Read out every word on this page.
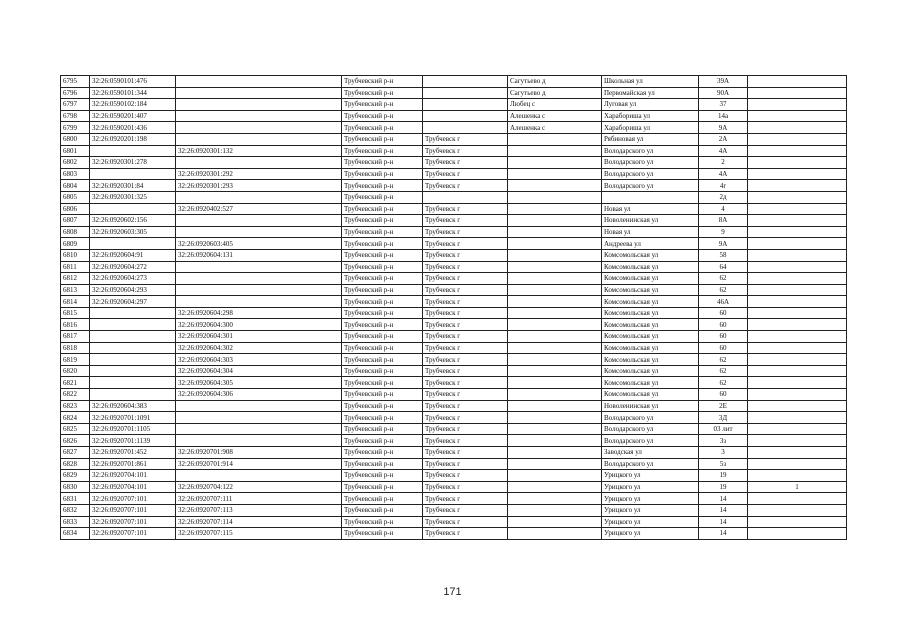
6795	32:26:0590101:476		Трубчевский р-н		Сагутьево д	Школьная ул	39А	
6796	32:26:0590101:344		Трубчевский р-н		Сагутьево д	Первомайская ул	90А	
6797	32:26:0590102:184		Трубчевский р-н		Любец с	Луговая ул	37	
6798	32:26:0590201:407		Трубчевский р-н		Алешенка с	Харабориша ул	14а	
6799	32:26:0590201:436		Трубчевский р-н		Алешенка с	Харабориша ул	9А	
6800	32:26:0920201:198		Трубчевский р-н	Трубчевск г		Рябиновая ул	2А	
6801		32:26:0920301:132	Трубчевский р-н	Трубчевск г		Володарского ул	4А	
6802	32:26:0920301:278		Трубчевский р-н	Трубчевск г		Володарского ул	2	
6803		32:26:0920301:292	Трубчевский р-н	Трубчевск г		Володарского ул	4А	
6804	32:26:0920301:84	32:26:0920301:293	Трубчевский р-н	Трубчевск г		Володарского ул	4г	
6805	32:26:0920301:325		Трубчевский р-н				2д	
6806		32:26:0920402:527	Трубчевский р-н	Трубчевск г		Новая ул	4	
6807	32:26:0920602:156		Трубчевский р-н	Трубчевск г		Новоленинская ул	8А	
6808	32:26:0920603:305		Трубчевский р-н	Трубчевск г		Новая ул	9	
6809		32:26:0920603:405	Трубчевский р-н	Трубчевск г		Андреева ул	9А	
6810	32:26:0920604:91	32:26:0920604:131	Трубчевский р-н	Трубчевск г		Комсомольская ул	58	
6811	32:26:0920604:272		Трубчевский р-н	Трубчевск г		Комсомольская ул	64	
6812	32:26:0920604:273		Трубчевский р-н	Трубчевск г		Комсомольская ул	62	
6813	32:26:0920604:293		Трубчевский р-н	Трубчевск г		Комсомольская ул	62	
6814	32:26:0920604:297		Трубчевский р-н	Трубчевск г		Комсомольская ул	46А	
6815		32:26:0920604:298	Трубчевский р-н	Трубчевск г		Комсомольская ул	60	
6816		32:26:0920604:300	Трубчевский р-н	Трубчевск г		Комсомольская ул	60	
6817		32:26:0920604:301	Трубчевский р-н	Трубчевск г		Комсомольская ул	60	
6818		32:26:0920604:302	Трубчевский р-н	Трубчевск г		Комсомольская ул	60	
6819		32:26:0920604:303	Трубчевский р-н	Трубчевск г		Комсомольская ул	62	
6820		32:26:0920604:304	Трубчевский р-н	Трубчевск г		Комсомольская ул	62	
6821		32:26:0920604:305	Трубчевский р-н	Трубчевск г		Комсомольская ул	62	
6822		32:26:0920604:306	Трубчевский р-н	Трубчевск г		Комсомольская ул	60	
6823	32:26:0920604:383		Трубчевский р-н	Трубчевск г		Новоленинская ул	2Е	
6824	32:26:0920701:1091		Трубчевский р-н	Трубчевск г		Володарского ул	3Д	
6825	32:26:0920701:1105		Трубчевский р-н	Трубчевск г		Володарского ул	03 лит	
6826	32:26:0920701:1139		Трубчевский р-н	Трубчевск г		Володарского ул	3з	
6827	32:26:0920701:452	32:26:0920701:908	Трубчевский р-н	Трубчевск г		Заводская ул	3	
6828	32:26:0920701:861	32:26:0920701:914	Трубчевский р-н	Трубчевск г		Володарского ул	5з	
6829	32:26:0920704:101		Трубчевский р-н	Трубчевск г		Урицкого ул	19	
6830	32:26:0920704:101	32:26:0920704:122	Трубчевский р-н	Трубчевск г		Урицкого ул	19	1
6831	32:26:0920707:101	32:26:0920707:111	Трубчевский р-н	Трубчевск г		Урицкого ул	14	
6832	32:26:0920707:101	32:26:0920707:113	Трубчевский р-н	Трубчевск г		Урицкого ул	14	
6833	32:26:0920707:101	32:26:0920707:114	Трубчевский р-н	Трубчевск г		Урицкого ул	14	
6834	32:26:0920707:101	32:26:0920707:115	Трубчевский р-н	Трубчевск г		Урицкого ул	14	
171
